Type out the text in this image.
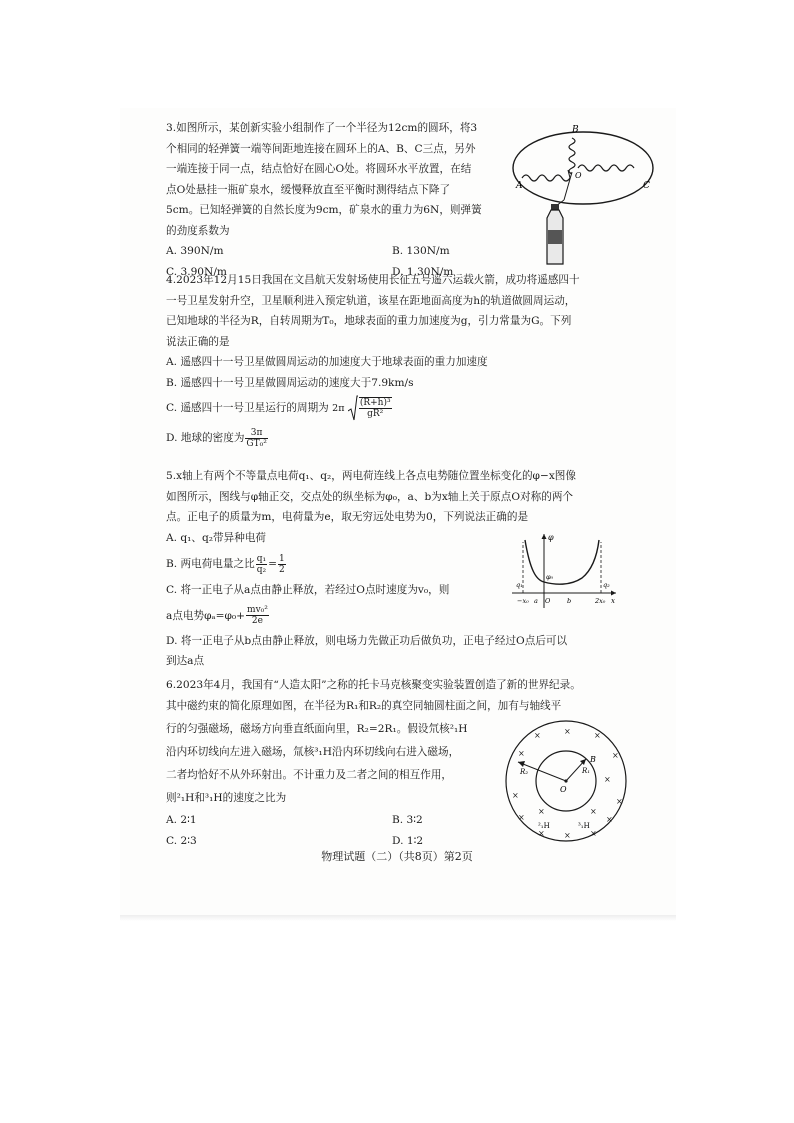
3.如图所示，某创新实验小组制作了一个半径为12cm的圆环，将3
个相同的轻弹簧一端等间距地连接在圆环上的A、B、C三点，另外
一端连接于同一点，结点恰好在圆心O处。将圆环水平放置，在结
点O处悬挂一瓶矿泉水，缓慢释放直至平衡时测得结点下降了
5cm。已知轻弹簧的自然长度为9cm，矿泉水的重力为6N，则弹簧
的劲度系数为
A. 390N/m	B. 130N/m
C. 3.90N/m	D. 1.30N/m
A
B
C
O
4.2023年12月15日我国在文昌航天发射场使用长征五号遥六运载火箭，成功将遥感四十
一号卫星发射升空，卫星顺利进入预定轨道，该星在距地面高度为h的轨道做圆周运动，
已知地球的半径为R，自转周期为T₀，地球表面的重力加速度为g，引力常量为G。下列
说法正确的是
A. 遥感四十一号卫星做圆周运动的加速度大于地球表面的重力加速度
B. 遥感四十一号卫星做圆周运动的速度大于7.9km/s
C. 遥感四十一号卫星运行的周期为 $2\pi \frac{\text{(R+h)³}}{\text{gR²}}$
D. 地球的密度为 $\frac{3\pi}{\text{GT₀²}}$
5.x轴上有两个不等量点电荷q₁、q₂，两电荷连线上各点电势随位置坐标变化的φ−x图像
如图所示，图线与φ轴正交，交点处的纵坐标为φ₀，a、b为x轴上关于原点O对称的两个
点。正电子的质量为m，电荷量为e，取无穷远处电势为0，下列说法正确的是
A. q₁、q₂带异种电荷
B. 两电荷电量之比 $\frac{\text{q₁}}{\text{q₂}} = \frac{1}{2}$
C. 将一正电子从a点由静止释放，若经过O点时速度为v₀，则
a点电势$\varphi_a=\varphi_0+ \frac{\text{mv₀²}}{2e}$
D. 将一正电子从b点由静止释放，则电场力先做正功后做负功，正电子经过O点后可以
到达a点
φ
φ₀
q₁	q₂
−x₀ a O	b	2x₀ x
6.2023年4月，我国有“人造太阳”之称的托卡马克核聚变实验装置创造了新的世界纪录。
其中磁约束的简化原理如图，在半径为R₁和R₂的真空同轴圆柱面之间，加有与轴线平
行的匀强磁场，磁场方向垂直纸面向里，R₂=2R₁。假设氘核²₁H
沿内环切线向左进入磁场，氚核³₁H沿内环切线向右进入磁场，
二者均恰好不从外环射出。不计重力及二者之间的相互作用，
则²₁H和³₁H的速度之比为
A. 2∶1	B. 3∶2
C. 2∶3	D. 1∶2
×	×	×
×	×
×
×
×
×	×
×	×
×
×	×
R₁
R₂
B
O
²₁H	³₁H
物理试题（二）（共8页）第2页
